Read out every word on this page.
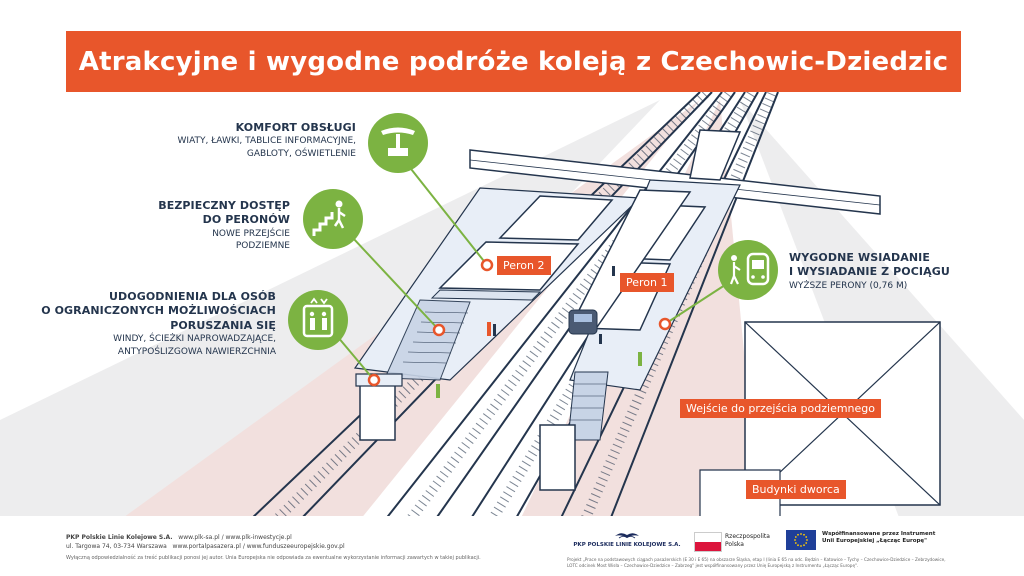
Atrakcyjne i wygodne podróże koleją z Czechowic-Dziedzic
KOMFORT OBSŁUGI
WIATY, ŁAWKI, TABLICE INFORMACYJNE,
GABLOTY, OŚWIETLENIE
BEZPIECZNY DOSTĘP
DO PERONÓW
NOWE PRZEJŚCIE
PODZIEMNE
UDOGODNIENIA DLA OSÓB
O OGRANICZONYCH MOŻLIWOŚCIACH
PORUSZANIA SIĘ
WINDY, ŚCIEŻKI NAPROWADZAJĄCE,
ANTYPOŚLIZGOWA NAWIERZCHNIA
WYGODNE WSIADANIE
I WYSIADANIE Z POCIĄGU
WYŻSZE PERONY (0,76 M)
Peron 2
Peron 1
Wejście do przejścia podziemnego
Budynki dworca
PKP Polskie Linie Kolejowe S.A. www.plk-sa.pl / www.plk-inwestycje.pl
ul. Targowa 74, 03-734 Warszawa www.portalpasazera.pl / www.funduszeeuropejskie.gov.pl
Wyłączną odpowiedzialność za treść publikacji ponosi jej autor. Unia Europejska nie odpowiada za ewentualne wykorzystanie informacji zawartych w takiej publikacji.
PKP POLSKIE LINIE KOLEJOWE S.A.
Rzeczpospolita
Polska
Współfinansowane przez Instrument
Unii Europejskiej „Łącząc Europę"
Projekt „Prace na podstawowych ciągach pasażerskich (E 30 i E 65) na obszarze Śląska, etap I (linia E 65 na odc. Będzin – Katowice – Tychy – Czechowice-Dziedzice – Zebrzydowice,
LOTC odcinek Most Wisła – Czechowice-Dziedzice – Zabrzeg" jest współfinansowany przez Unię Europejską z Instrumentu „Łącząc Europę".
